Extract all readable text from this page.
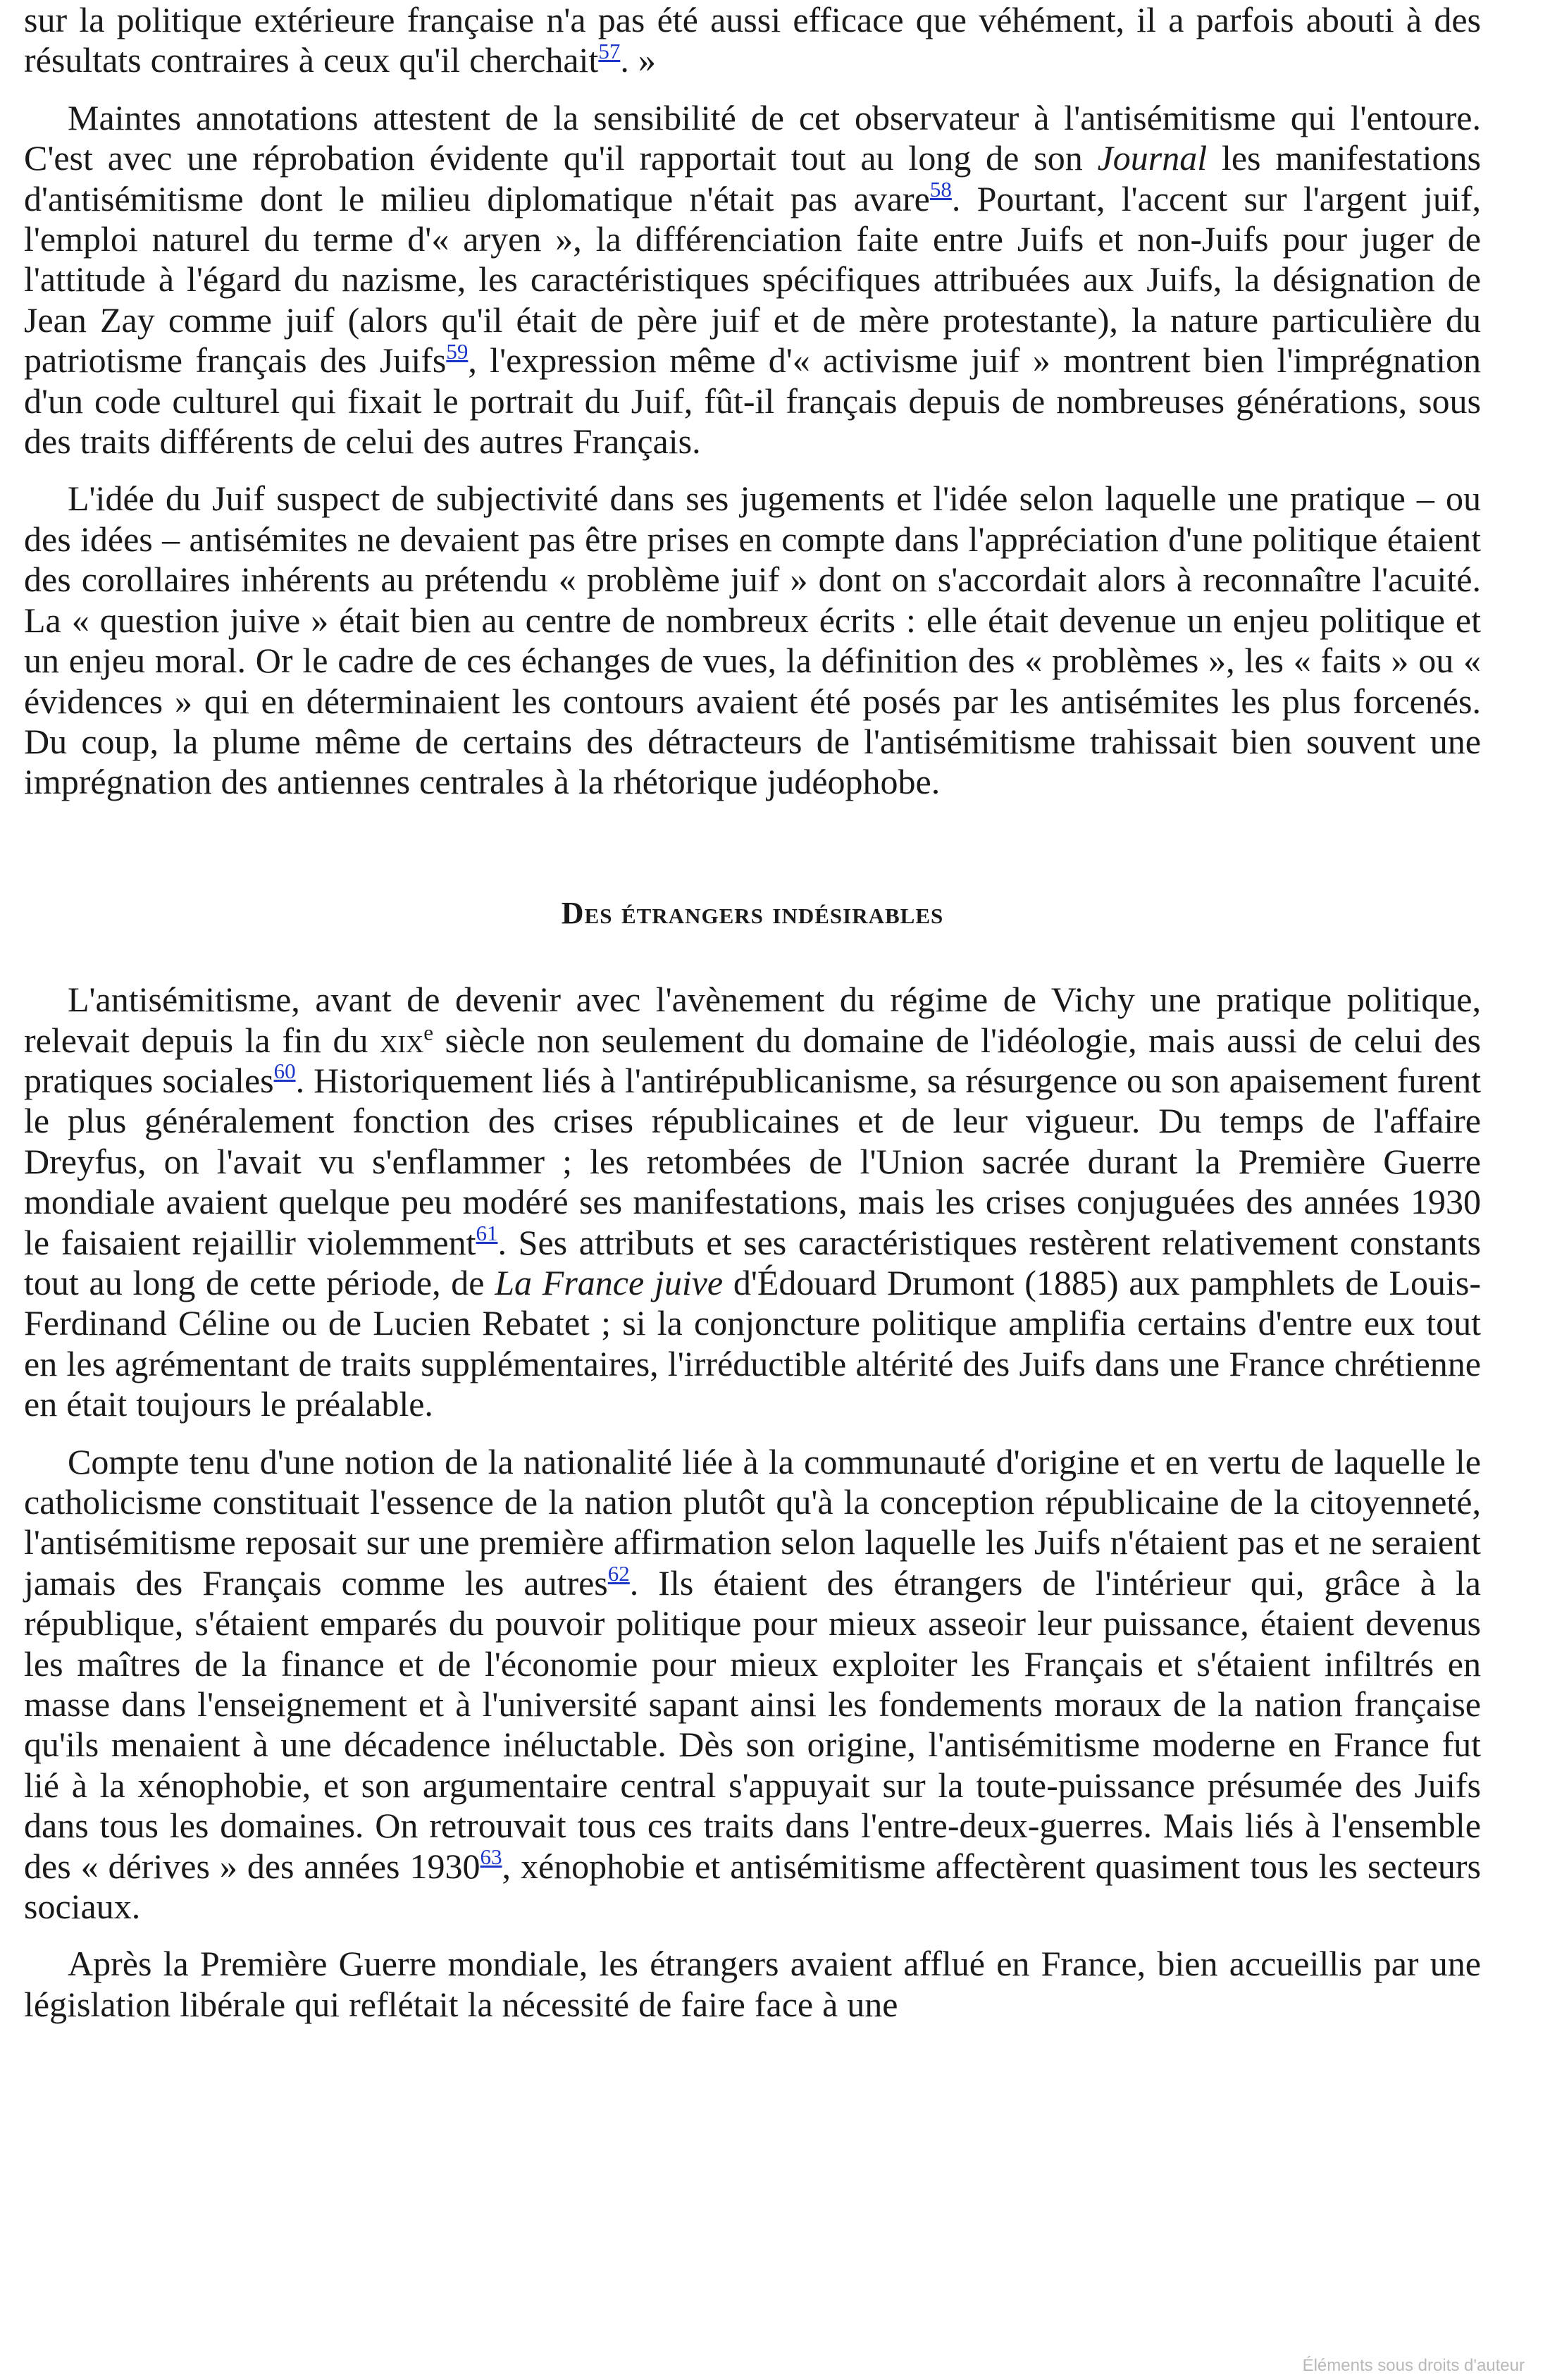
sur la politique extérieure française n'a pas été aussi efficace que véhément, il a parfois abouti à des résultats contraires à ceux qu'il cherchait$^{57}$. »

Maintes annotations attestent de la sensibilité de cet observateur à l'antisémitisme qui l'entoure. C'est avec une réprobation évidente qu'il rapportait tout au long de son Journal les manifestations d'antisémitisme dont le milieu diplomatique n'était pas avare$^{58}$. Pourtant, l'accent sur l'argent juif, l'emploi naturel du terme d'« aryen », la différenciation faite entre Juifs et non-Juifs pour juger de l'attitude à l'égard du nazisme, les caractéristiques spécifiques attribuées aux Juifs, la désignation de Jean Zay comme juif (alors qu'il était de père juif et de mère protestante), la nature particulière du patriotisme français des Juifs$^{59}$, l'expression même d'« activisme juif » montrent bien l'imprégnation d'un code culturel qui fixait le portrait du Juif, fût-il français depuis de nombreuses générations, sous des traits différents de celui des autres Français.

L'idée du Juif suspect de subjectivité dans ses jugements et l'idée selon laquelle une pratique – ou des idées – antisémites ne devaient pas être prises en compte dans l'appréciation d'une politique étaient des corollaires inhérents au prétendu « problème juif » dont on s'accordait alors à reconnaître l'acuité. La « question juive » était bien au centre de nombreux écrits : elle était devenue un enjeu politique et un enjeu moral. Or le cadre de ces échanges de vues, la définition des « problèmes », les « faits » ou « évidences » qui en déterminaient les contours avaient été posés par les antisémites les plus forcenés. Du coup, la plume même de certains des détracteurs de l'antisémitisme trahissait bien souvent une imprégnation des antiennes centrales à la rhétorique judéophobe.

Des étrangers indésirables

L'antisémitisme, avant de devenir avec l'avènement du régime de Vichy une pratique politique, relevait depuis la fin du xix$^e$ siècle non seulement du domaine de l'idéologie, mais aussi de celui des pratiques sociales$^{60}$. Historiquement liés à l'antirépublicanisme, sa résurgence ou son apaisement furent le plus généralement fonction des crises républicaines et de leur vigueur. Du temps de l'affaire Dreyfus, on l'avait vu s'enflammer ; les retombées de l'Union sacrée durant la Première Guerre mondiale avaient quelque peu modéré ses manifestations, mais les crises conjuguées des années 1930 le faisaient rejaillir violemment$^{61}$. Ses attributs et ses caractéristiques restèrent relativement constants tout au long de cette période, de La France juive d'Édouard Drumont (1885) aux pamphlets de Louis-Ferdinand Céline ou de Lucien Rebatet ; si la conjoncture politique amplifia certains d'entre eux tout en les agrémentant de traits supplémentaires, l'irréductible altérité des Juifs dans une France chrétienne en était toujours le préalable.

Compte tenu d'une notion de la nationalité liée à la communauté d'origine et en vertu de laquelle le catholicisme constituait l'essence de la nation plutôt qu'à la conception républicaine de la citoyenneté, l'antisémitisme reposait sur une première affirmation selon laquelle les Juifs n'étaient pas et ne seraient jamais des Français comme les autres$^{62}$. Ils étaient des étrangers de l'intérieur qui, grâce à la république, s'étaient emparés du pouvoir politique pour mieux asseoir leur puissance, étaient devenus les maîtres de la finance et de l'économie pour mieux exploiter les Français et s'étaient infiltrés en masse dans l'enseignement et à l'université sapant ainsi les fondements moraux de la nation française qu'ils menaient à une décadence inéluctable. Dès son origine, l'antisémitisme moderne en France fut lié à la xénophobie, et son argumentaire central s'appuyait sur la toute-puissance présumée des Juifs dans tous les domaines. On retrouvait tous ces traits dans l'entre-deux-guerres. Mais liés à l'ensemble des « dérives » des années 1930$^{63}$, xénophobie et antisémitisme affectèrent quasiment tous les secteurs sociaux.

Après la Première Guerre mondiale, les étrangers avaient afflué en France, bien accueillis par une législation libérale qui reflétait la nécessité de faire face à une

Éléments sous droits d'auteur
